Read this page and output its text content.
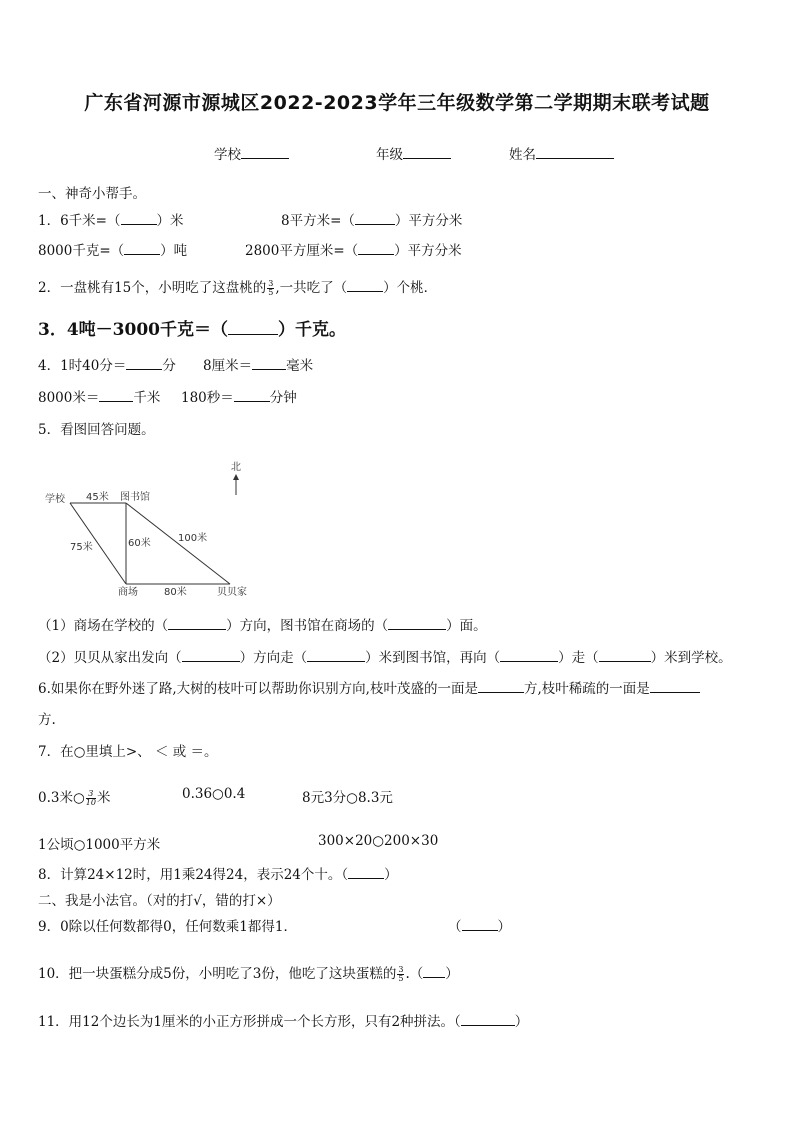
广东省河源市源城区2022-2023学年三年级数学第二学期期末联考试题
学校	年级	姓名
一、神奇小帮手。
1．6千米=（	）米	8平方米=（	）平方分米
8000千克=（	）吨	2800平方厘米=（	）平方分米
2．一盘桃有15个，小明吃了这盘桃的 $\frac{3}{5}$ ,一共吃了（	）个桃．
3．4吨－3000千克＝（	）千克。
4．1时40分＝	分 8厘米＝	毫米
8000米＝	千米 180秒＝	分钟
5．看图回答问题。
北
学校	图书馆
商场	贝贝家
45米
75米	60米	100米
80米
（1）商场在学校的（	）方向，图书馆在商场的（	）面。
（2）贝贝从家出发向（	）方向走（	）米到图书馆，再向（	）走（	）米到学校。
6.如果你在野外迷了路,大树的枝叶可以帮助你识别方向,枝叶茂盛的一面是	方,枝叶稀疏的一面是
方.
7．在○里填上>、 ＜ 或 ＝。
0.3米○ $\frac{3}{10}$ 米	0.36○0.4	8元3分○8.3元
1公顷○1000平方米	300×20○200×30
8．计算24×12时，用1乘24得24，表示24个十。（	）
二、我是小法官。（对的打√，错的打×）
9．0除以任何数都得0，任何数乘1都得1．	（	）
10．把一块蛋糕分成5份，小明吃了3份，他吃了这块蛋糕的 $\frac{3}{5}$ .（ ）
11．用12个边长为1厘米的小正方形拼成一个长方形，只有2种拼法。（	）
